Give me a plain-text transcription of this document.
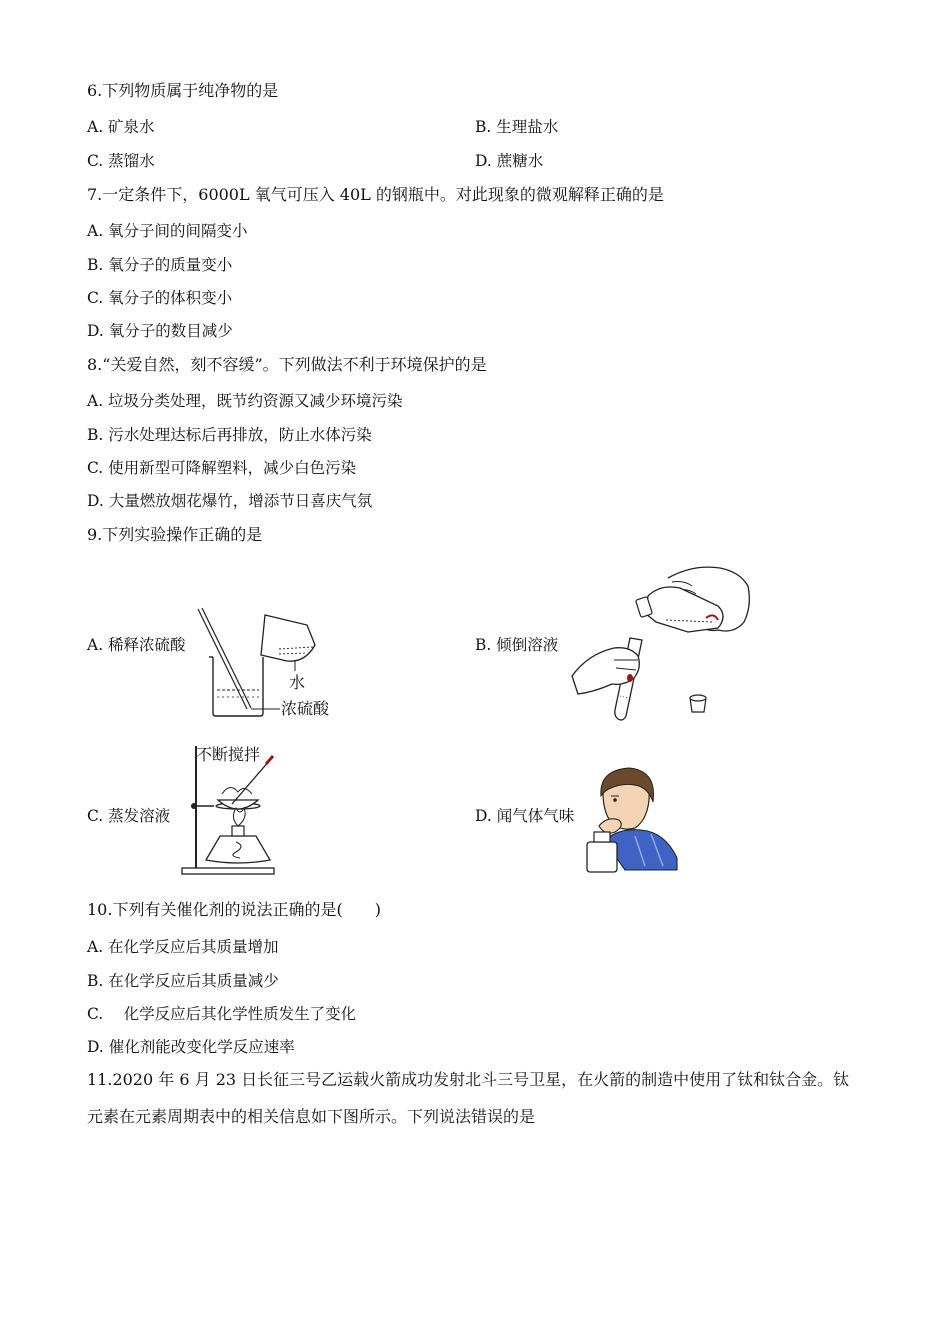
6.下列物质属于纯净物的是
A. 矿泉水	B. 生理盐水
C. 蒸馏水	D. 蔗糖水
7.一定条件下，6000L 氧气可压入 40L 的钢瓶中。对此现象的微观解释正确的是
A. 氧分子间的间隔变小
B. 氧分子的质量变小
C. 氧分子的体积变小
D. 氧分子的数目减少
8.“关爱自然，刻不容缓”。下列做法不利于环境保护的是
A. 垃圾分类处理，既节约资源又减少环境污染
B. 污水处理达标后再排放，防止水体污染
C. 使用新型可降解塑料，减少白色污染
D. 大量燃放烟花爆竹，增添节日喜庆气氛
9.下列实验操作正确的是
A. 稀释浓硫酸
水
浓硫酸
B. 倾倒溶液
C. 蒸发溶液
不断搅拌
D. 闻气体气味
10.下列有关催化剂的说法正确的是(　　)
A. 在化学反应后其质量增加
B. 在化学反应后其质量减少
C. 　化学反应后其化学性质发生了变化
D. 催化剂能改变化学反应速率
11.2020 年 6 月 23 日长征三号乙运载火箭成功发射北斗三号卫星，在火箭的制造中使用了钛和钛合金。钛
元素在元素周期表中的相关信息如下图所示。下列说法错误的是
